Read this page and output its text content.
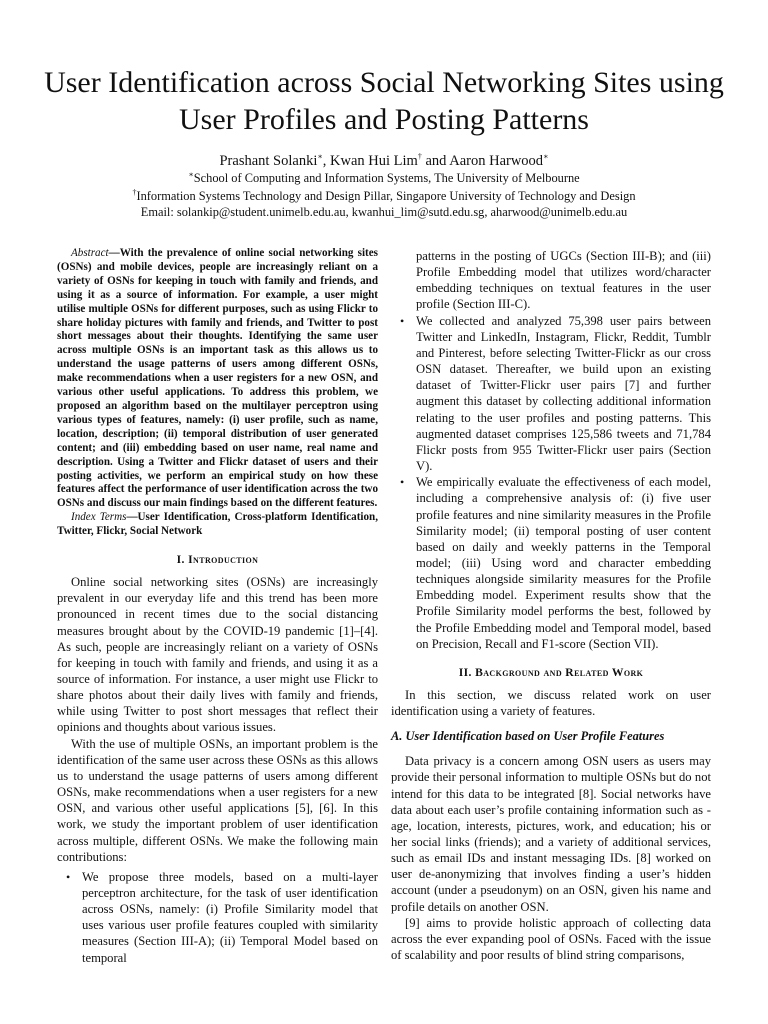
User Identification across Social Networking Sites using User Profiles and Posting Patterns
Prashant Solanki∗, Kwan Hui Lim† and Aaron Harwood∗
∗School of Computing and Information Systems, The University of Melbourne
†Information Systems Technology and Design Pillar, Singapore University of Technology and Design
Email: solankip@student.unimelb.edu.au, kwanhui_lim@sutd.edu.sg, aharwood@unimelb.edu.au

Abstract—With the prevalence of online social networking sites (OSNs) and mobile devices, people are increasingly reliant on a variety of OSNs for keeping in touch with family and friends, and using it as a source of information. For example, a user might utilise multiple OSNs for different purposes, such as using Flickr to share holiday pictures with family and friends, and Twitter to post short messages about their thoughts. Identifying the same user across multiple OSNs is an important task as this allows us to understand the usage patterns of users among different OSNs, make recommendations when a user registers for a new OSN, and various other useful applications. To address this problem, we proposed an algorithm based on the multilayer perceptron using various types of features, namely: (i) user profile, such as name, location, description; (ii) temporal distribution of user generated content; and (iii) embedding based on user name, real name and description. Using a Twitter and Flickr dataset of users and their posting activities, we perform an empirical study on how these features affect the performance of user identification across the two OSNs and discuss our main findings based on the different features.

Index Terms—User Identification, Cross-platform Identification, Twitter, Flickr, Social Network

I. Introduction

Online social networking sites (OSNs) are increasingly prevalent in our everyday life and this trend has been more pronounced in recent times due to the social distancing measures brought about by the COVID-19 pandemic [1]–[4]. As such, people are increasingly reliant on a variety of OSNs for keeping in touch with family and friends, and using it as a source of information. For instance, a user might use Flickr to share photos about their daily lives with family and friends, while using Twitter to post short messages that reflect their opinions and thoughts about various issues.

With the use of multiple OSNs, an important problem is the identification of the same user across these OSNs as this allows us to understand the usage patterns of users among different OSNs, make recommendations when a user registers for a new OSN, and various other useful applications [5], [6]. In this work, we study the important problem of user identification across multiple, different OSNs. We make the following main contributions:

• We propose three models, based on a multi-layer perceptron architecture, for the task of user identification across OSNs, namely: (i) Profile Similarity model that uses various user profile features coupled with similarity measures (Section III-A); (ii) Temporal Model based on temporal

patterns in the posting of UGCs (Section III-B); and (iii) Profile Embedding model that utilizes word/character embedding techniques on textual features in the user profile (Section III-C).

• We collected and analyzed 75,398 user pairs between Twitter and LinkedIn, Instagram, Flickr, Reddit, Tumblr and Pinterest, before selecting Twitter-Flickr as our cross OSN dataset. Thereafter, we build upon an existing dataset of Twitter-Flickr user pairs [7] and further augment this dataset by collecting additional information relating to the user profiles and posting patterns. This augmented dataset comprises 125,586 tweets and 71,784 Flickr posts from 955 Twitter-Flickr user pairs (Section V).
• We empirically evaluate the effectiveness of each model, including a comprehensive analysis of: (i) five user profile features and nine similarity measures in the Profile Similarity model; (ii) temporal posting of user content based on daily and weekly patterns in the Temporal model; (iii) Using word and character embedding techniques alongside similarity measures for the Profile Embedding model. Experiment results show that the Profile Similarity model performs the best, followed by the Profile Embedding model and Temporal model, based on Precision, Recall and F1-score (Section VII).
II. Background and Related Work

In this section, we discuss related work on user identification using a variety of features.

A. User Identification based on User Profile Features

Data privacy is a concern among OSN users as users may provide their personal information to multiple OSNs but do not intend for this data to be integrated [8]. Social networks have data about each user’s profile containing information such as - age, location, interests, pictures, work, and education; his or her social links (friends); and a variety of additional services, such as email IDs and instant messaging IDs. [8] worked on user de-anonymizing that involves finding a user’s hidden account (under a pseudonym) on an OSN, given his name and profile details on another OSN.

[9] aims to provide holistic approach of collecting data across the ever expanding pool of OSNs. Faced with the issue of scalability and poor results of blind string comparisons,
